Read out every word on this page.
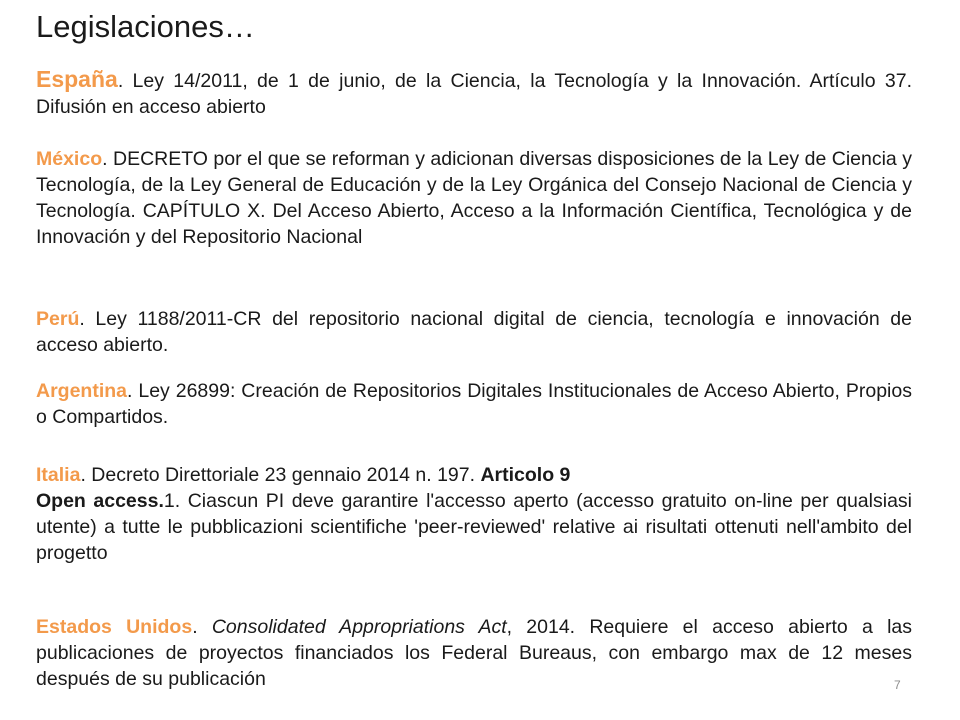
Legislaciones…

España. Ley 14/2011, de 1 de junio, de la Ciencia, la Tecnología y la Innovación. Artículo 37. Difusión en acceso abierto

México. DECRETO por el que se reforman y adicionan diversas disposiciones de la Ley de Ciencia y Tecnología, de la Ley General de Educación y de la Ley Orgánica del Consejo Nacional de Ciencia y Tecnología. CAPÍTULO X. Del Acceso Abierto, Acceso a la Información Científica, Tecnológica y de Innovación y del Repositorio Nacional

Perú. Ley 1188/2011-CR del repositorio nacional digital de ciencia, tecnología e innovación de acceso abierto.

Argentina. Ley 26899: Creación de Repositorios Digitales Institucionales de Acceso Abierto, Propios o Compartidos.

Italia. Decreto Direttoriale 23 gennaio 2014 n. 197. Articolo 9
Open access.1. Ciascun PI deve garantire l'accesso aperto (accesso gratuito on-line per qualsiasi utente) a tutte le pubblicazioni scientifiche 'peer-reviewed' relative ai risultati ottenuti nell'ambito del progetto

Estados Unidos. Consolidated Appropriations Act, 2014. Requiere el acceso abierto a las publicaciones de proyectos financiados los Federal Bureaus, con embargo max de 12 meses después de su publicación	7
